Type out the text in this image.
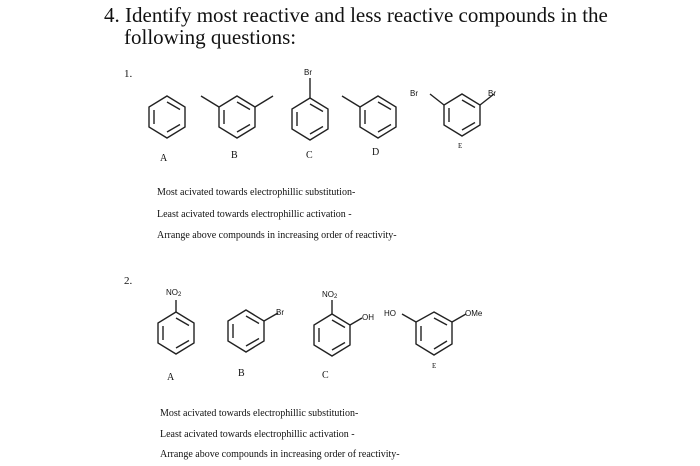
4. Identify most reactive and less reactive compounds in the
following questions:
1.	Br
Br	Br
A	B	C	D
E
Most acivated towards electrophillic substitution-
Least acivated towards electrophillic activation -
Arrange above compounds in increasing order of reactivity-
2.
NO2
Br
NO2
OH HO	OMe
A	B	C
E
Most acivated towards electrophillic substitution-
Least acivated towards electrophillic activation -
Arrange above compounds in increasing order of reactivity-
